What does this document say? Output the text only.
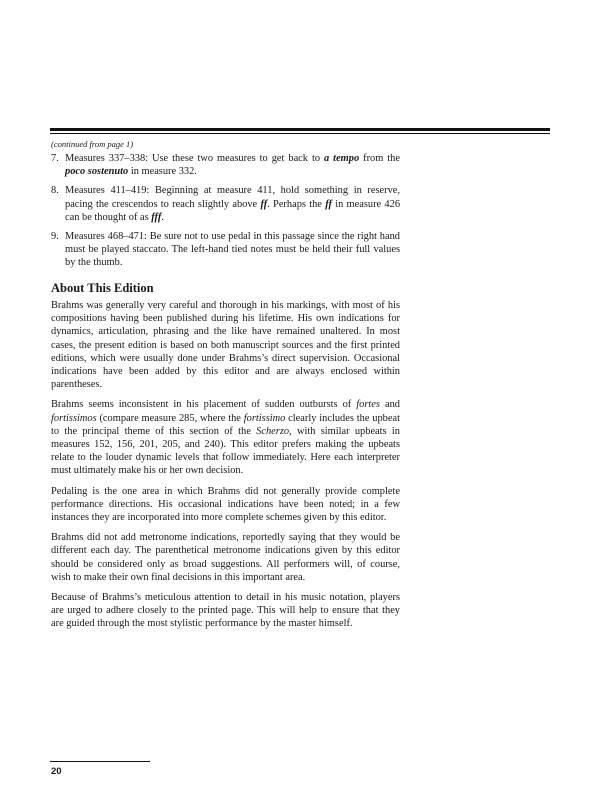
(continued from page 1)
7. Measures 337–338: Use these two measures to get back to a tempo from the poco sostenuto in measure 332.
8. Measures 411–419: Beginning at measure 411, hold something in reserve, pacing the crescendos to reach slightly above ff. Perhaps the ff in measure 426 can be thought of as fff.
9. Measures 468–471: Be sure not to use pedal in this passage since the right hand must be played staccato. The left-hand tied notes must be held their full values by the thumb.
About This Edition

Brahms was generally very careful and thorough in his markings, with most of his compositions having been published during his lifetime. His own indications for dynamics, articulation, phrasing and the like have remained unaltered. In most cases, the present edition is based on both manuscript sources and the first printed editions, which were usually done under Brahms’s direct supervision. Occasional indications have been added by this editor and are always enclosed within parentheses.

Brahms seems inconsistent in his placement of sudden outbursts of fortes and fortissimos (compare measure 285, where the fortissimo clearly includes the upbeat to the principal theme of this section of the Scherzo, with similar upbeats in measures 152, 156, 201, 205, and 240). This editor prefers making the upbeats relate to the louder dynamic levels that follow immediately. Here each interpreter must ultimately make his or her own decision.

Pedaling is the one area in which Brahms did not generally provide complete performance directions. His occasional indications have been noted; in a few instances they are incorporated into more complete schemes given by this editor.

Brahms did not add metronome indications, reportedly saying that they would be different each day. The parenthetical metronome indications given by this editor should be considered only as broad suggestions. All performers will, of course, wish to make their own final decisions in this important area.

Because of Brahms’s meticulous attention to detail in his music notation, players are urged to adhere closely to the printed page. This will help to ensure that they are guided through the most stylistic performance by the master himself.

20
